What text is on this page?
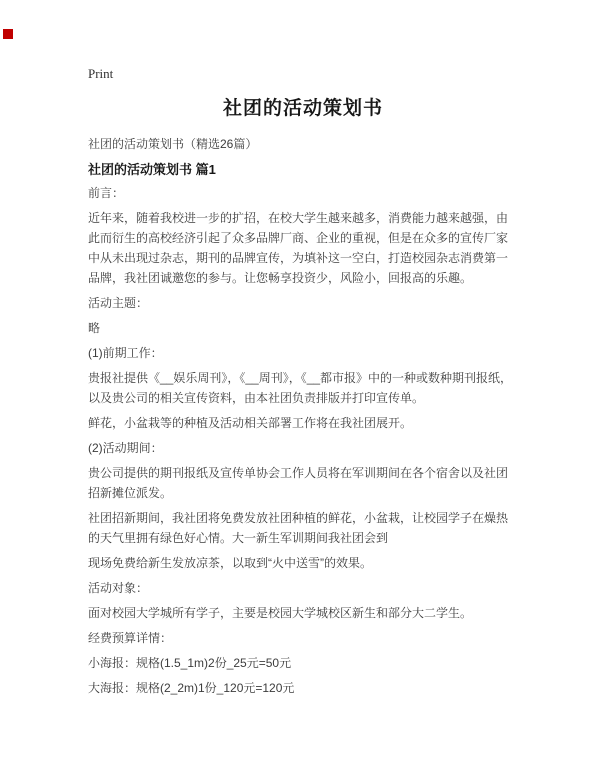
Print
社团的活动策划书
社团的活动策划书（精选26篇）
社团的活动策划书 篇1
前言：
近年来，随着我校进一步的扩招，在校大学生越来越多，消费能力越来越强，由此而衍生的高校经济引起了众多品牌厂商、企业的重视，但是在众多的宣传厂家中从未出现过杂志，期刊的品牌宣传，为填补这一空白，打造校园杂志消费第一品牌，我社团诚邀您的参与。让您畅享投资少，风险小，回报高的乐趣。
活动主题：
略
(1)前期工作：
贵报社提供《__娱乐周刊》，《__周刊》，《__都市报》中的一种或数种期刊报纸，以及贵公司的相关宣传资料，由本社团负责排版并打印宣传单。
鲜花，小盆栽等的种植及活动相关部署工作将在我社团展开。
(2)活动期间：
贵公司提供的期刊报纸及宣传单协会工作人员将在军训期间在各个宿舍以及社团招新摊位派发。
社团招新期间，我社团将免费发放社团种植的鲜花，小盆栽，让校园学子在燥热的天气里拥有绿色好心情。大一新生军训期间我社团会到
现场免费给新生发放凉茶，以取到“火中送雪”的效果。
活动对象：
面对校园大学城所有学子，主要是校园大学城校区新生和部分大二学生。
经费预算详情：
小海报：规格(1.5_1m)2份_25元=50元
大海报：规格(2_2m)1份_120元=120元
